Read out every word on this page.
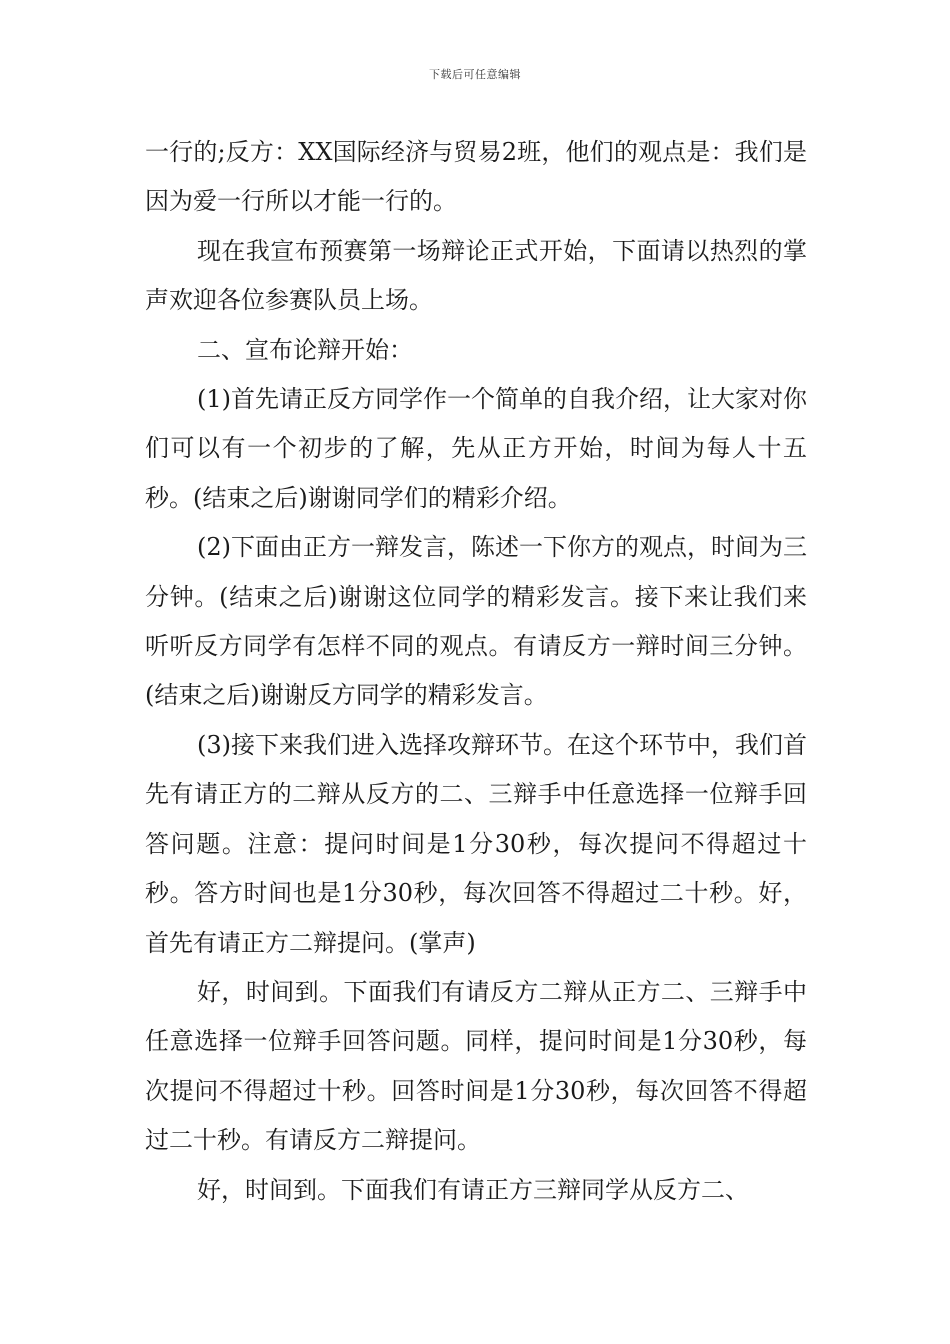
下载后可任意编辑

一行的;反方：XX国际经济与贸易2班，他们的观点是：我们是因为爱一行所以才能一行的。

现在我宣布预赛第一场辩论正式开始，下面请以热烈的掌声欢迎各位参赛队员上场。

二、宣布论辩开始：

(1)首先请正反方同学作一个简单的自我介绍，让大家对你们可以有一个初步的了解，先从正方开始，时间为每人十五秒。(结束之后)谢谢同学们的精彩介绍。

(2)下面由正方一辩发言，陈述一下你方的观点，时间为三分钟。(结束之后)谢谢这位同学的精彩发言。接下来让我们来听听反方同学有怎样不同的观点。有请反方一辩时间三分钟。(结束之后)谢谢反方同学的精彩发言。

(3)接下来我们进入选择攻辩环节。在这个环节中，我们首先有请正方的二辩从反方的二、三辩手中任意选择一位辩手回答问题。注意：提问时间是1分30秒，每次提问不得超过十秒。答方时间也是1分30秒，每次回答不得超过二十秒。好，首先有请正方二辩提问。(掌声)

好，时间到。下面我们有请反方二辩从正方二、三辩手中任意选择一位辩手回答问题。同样，提问时间是1分30秒，每次提问不得超过十秒。回答时间是1分30秒，每次回答不得超过二十秒。有请反方二辩提问。

好，时间到。下面我们有请正方三辩同学从反方二、
